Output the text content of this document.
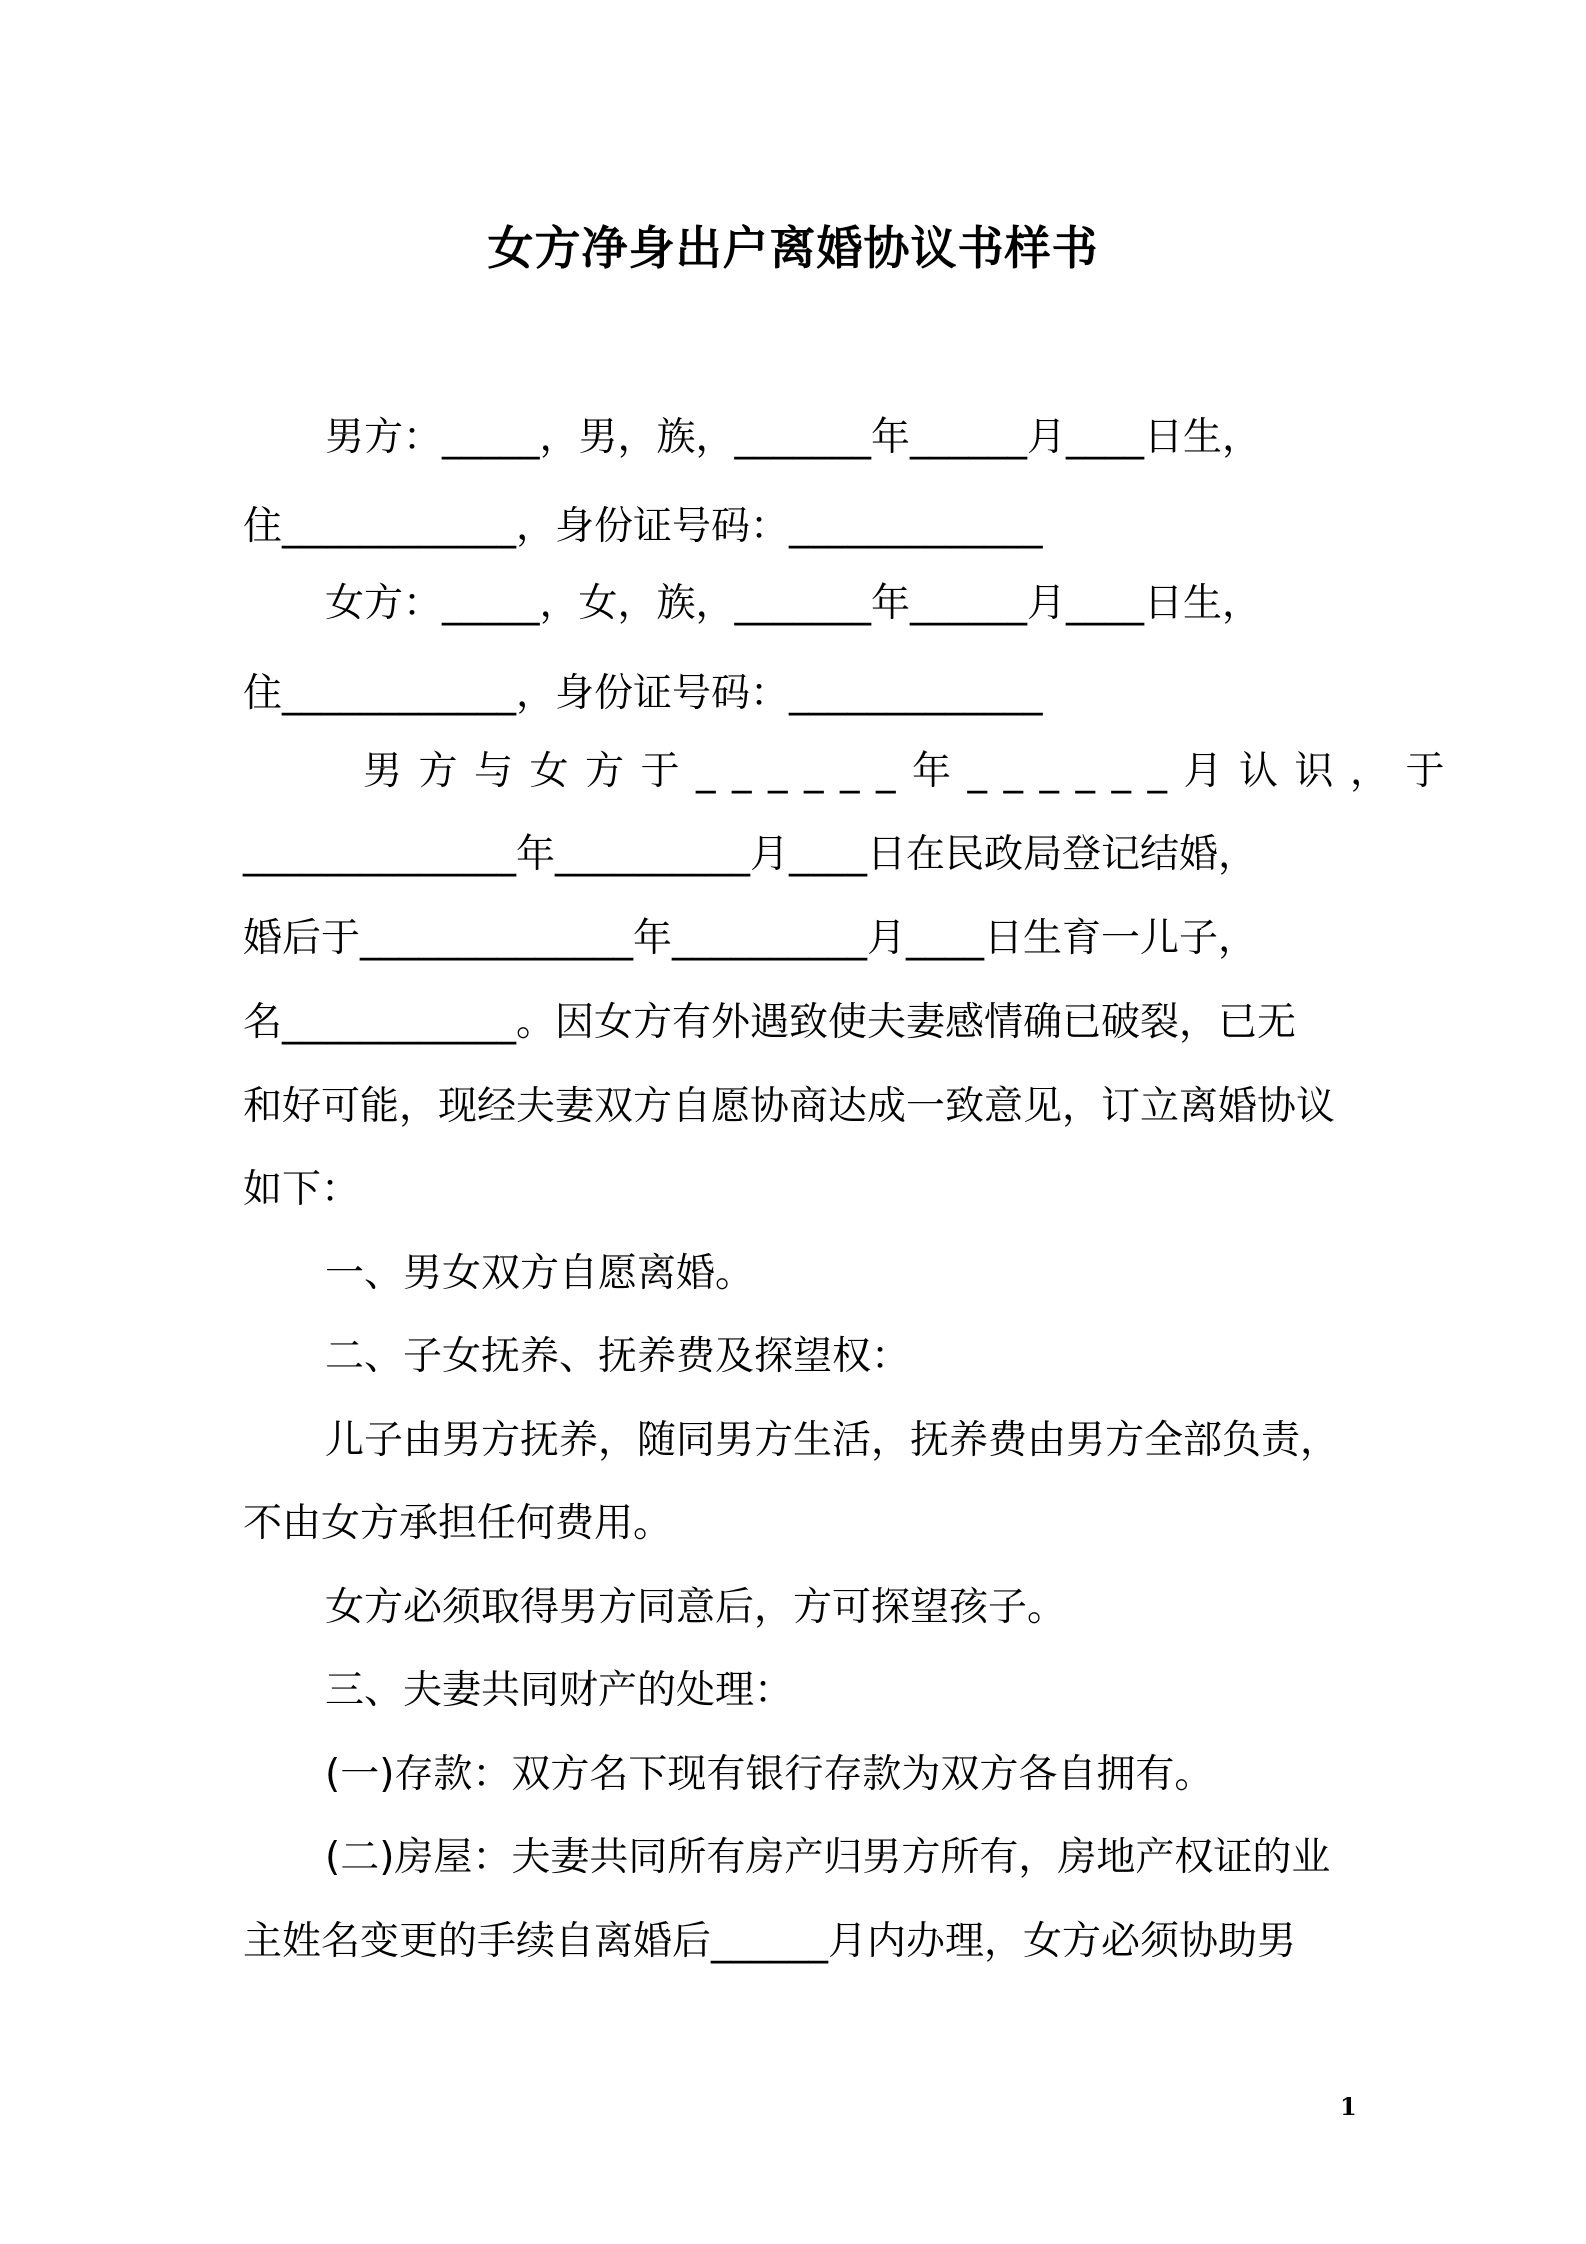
女方净身出户离婚协议书样书
男方：_____，男，族，_______年______月____日生，
住____________，身份证号码：_____________
女方：_____，女，族，_______年______月____日生，
住____________，身份证号码：_____________
男方与女方于______年______月认识，于
______________年__________月____日在民政局登记结婚，
婚后于______________年__________月____日生育一儿子，
名____________。因女方有外遇致使夫妻感情确已破裂，已无
和好可能，现经夫妻双方自愿协商达成一致意见，订立离婚协议
如下：
一、男女双方自愿离婚。
二、子女抚养、抚养费及探望权：
儿子由男方抚养，随同男方生活，抚养费由男方全部负责，
不由女方承担任何费用。
女方必须取得男方同意后，方可探望孩子。
三、夫妻共同财产的处理：
(一)存款：双方名下现有银行存款为双方各自拥有。
(二)房屋：夫妻共同所有房产归男方所有，房地产权证的业
主姓名变更的手续自离婚后______月内办理，女方必须协助男
1
